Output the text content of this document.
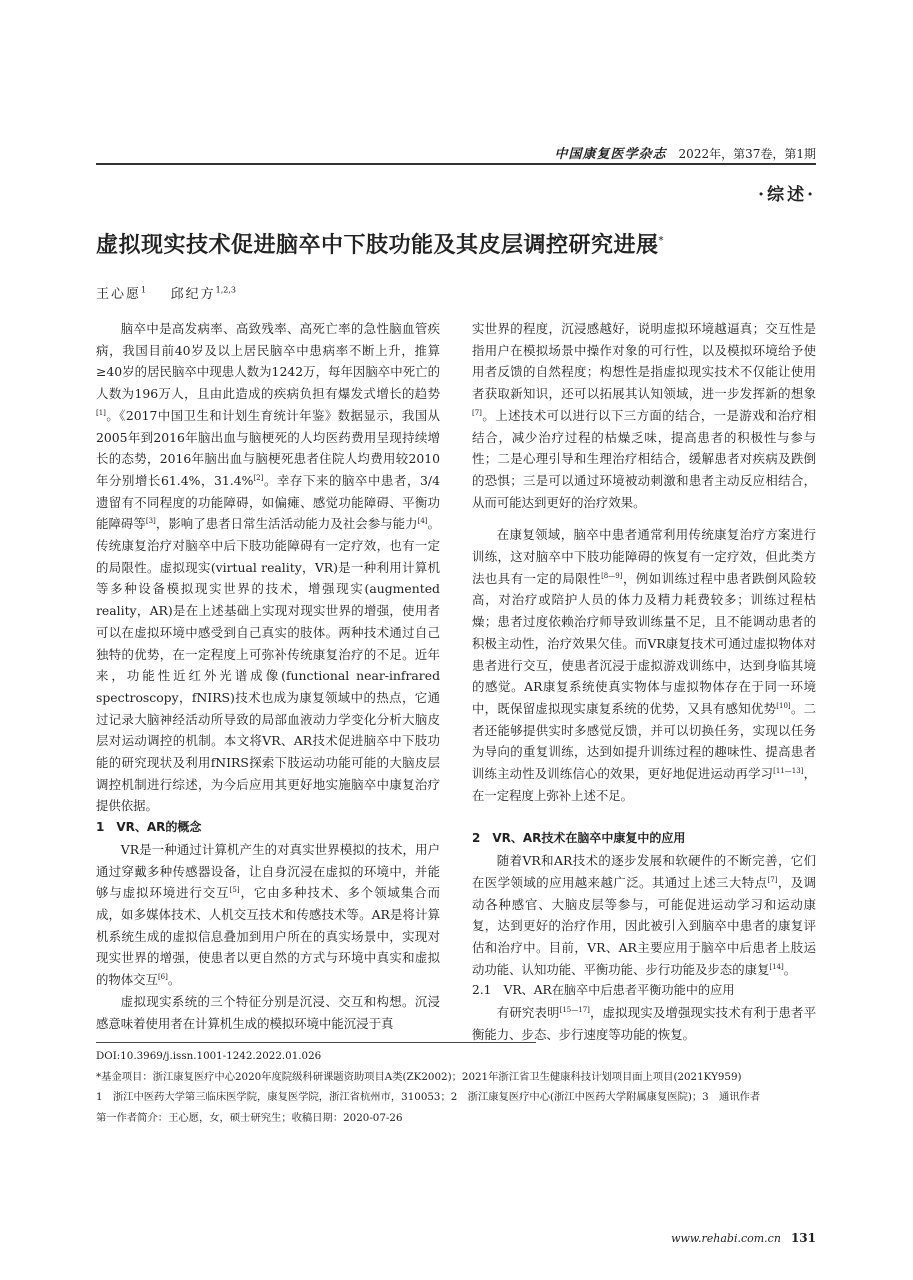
中国康复医学杂志 2022年，第37卷，第1期
·综述·
虚拟现实技术促进脑卒中下肢功能及其皮层调控研究进展*
王心愿$^1$ 邱纪方$^{1,2,3}$

脑卒中是高发病率、高致残率、高死亡率的急性脑血管疾病，我国目前40岁及以上居民脑卒中患病率不断上升，推算≥40岁的居民脑卒中现患人数为1242万，每年因脑卒中死亡的人数为196万人，且由此造成的疾病负担有爆发式增长的趋势[1]。《2017中国卫生和计划生育统计年鉴》数据显示，我国从2005年到2016年脑出血与脑梗死的人均医药费用呈现持续增长的态势，2016年脑出血与脑梗死患者住院人均费用较2010年分别增长61.4%，31.4%[2]。幸存下来的脑卒中患者，3/4遗留有不同程度的功能障碍，如偏瘫、感觉功能障碍、平衡功能障碍等[3]，影响了患者日常生活活动能力及社会参与能力[4]。传统康复治疗对脑卒中后下肢功能障碍有一定疗效，也有一定的局限性。虚拟现实(virtual reality，VR)是一种利用计算机等多种设备模拟现实世界的技术，增强现实(augmented reality，AR)是在上述基础上实现对现实世界的增强，使用者可以在虚拟环境中感受到自己真实的肢体。两种技术通过自己独特的优势，在一定程度上可弥补传统康复治疗的不足。近年来，功能性近红外光谱成像(functional near-infrared spectroscopy，fNIRS)技术也成为康复领域中的热点，它通过记录大脑神经活动所导致的局部血液动力学变化分析大脑皮层对运动调控的机制。本文将VR、AR技术促进脑卒中下肢功能的研究现状及利用fNIRS探索下肢运动功能可能的大脑皮层调控机制进行综述，为今后应用其更好地实施脑卒中康复治疗提供依据。

1　VR、AR的概念

VR是一种通过计算机产生的对真实世界模拟的技术，用户通过穿戴多种传感器设备，让自身沉浸在虚拟的环境中，并能够与虚拟环境进行交互[5]，它由多种技术、多个领域集合而成，如多媒体技术、人机交互技术和传感技术等。AR是将计算机系统生成的虚拟信息叠加到用户所在的真实场景中，实现对现实世界的增强，使患者以更自然的方式与环境中真实和虚拟的物体交互[6]。

虚拟现实系统的三个特征分别是沉浸、交互和构想。沉浸感意味着使用者在计算机生成的模拟环境中能沉浸于真

实世界的程度，沉浸感越好，说明虚拟环境越逼真；交互性是指用户在模拟场景中操作对象的可行性，以及模拟环境给予使用者反馈的自然程度；构想性是指虚拟现实技术不仅能让使用者获取新知识，还可以拓展其认知领域，进一步发挥新的想象[7]。上述技术可以进行以下三方面的结合，一是游戏和治疗相结合，减少治疗过程的枯燥乏味，提高患者的积极性与参与性；二是心理引导和生理治疗相结合，缓解患者对疾病及跌倒的恐惧；三是可以通过环境被动刺激和患者主动反应相结合，从而可能达到更好的治疗效果。

在康复领域，脑卒中患者通常利用传统康复治疗方案进行训练，这对脑卒中下肢功能障碍的恢复有一定疗效，但此类方法也具有一定的局限性[8—9]，例如训练过程中患者跌倒风险较高，对治疗或陪护人员的体力及精力耗费较多；训练过程枯燥；患者过度依赖治疗师导致训练量不足，且不能调动患者的积极主动性，治疗效果欠佳。而VR康复技术可通过虚拟物体对患者进行交互，使患者沉浸于虚拟游戏训练中，达到身临其境的感觉。AR康复系统使真实物体与虚拟物体存在于同一环境中，既保留虚拟现实康复系统的优势，又具有感知优势[10]。二者还能够提供实时多感觉反馈，并可以切换任务，实现以任务为导向的重复训练，达到如提升训练过程的趣味性、提高患者训练主动性及训练信心的效果，更好地促进运动再学习[11—13]，在一定程度上弥补上述不足。

2　VR、AR技术在脑卒中康复中的应用

随着VR和AR技术的逐步发展和软硬件的不断完善，它们在医学领域的应用越来越广泛。其通过上述三大特点[7]，及调动各种感官、大脑皮层等参与，可能促进运动学习和运动康复，达到更好的治疗作用，因此被引入到脑卒中患者的康复评估和治疗中。目前，VR、AR主要应用于脑卒中后患者上肢运动功能、认知功能、平衡功能、步行功能及步态的康复[14]。

2.1　VR、AR在脑卒中后患者平衡功能中的应用

有研究表明[15—17]，虚拟现实及增强现实技术有利于患者平衡能力、步态、步行速度等功能的恢复。

DOI:10.3969/j.issn.1001-1242.2022.01.026
*基金项目：浙江康复医疗中心2020年度院级科研课题资助项目A类(ZK2002)；2021年浙江省卫生健康科技计划项目面上项目(2021KY959)
1　浙江中医药大学第三临床医学院，康复医学院，浙江省杭州市，310053；2　浙江康复医疗中心(浙江中医药大学附属康复医院)；3　通讯作者
第一作者简介：王心愿，女，硕士研究生；收稿日期：2020-07-26
www.rehabi.com.cn 131
